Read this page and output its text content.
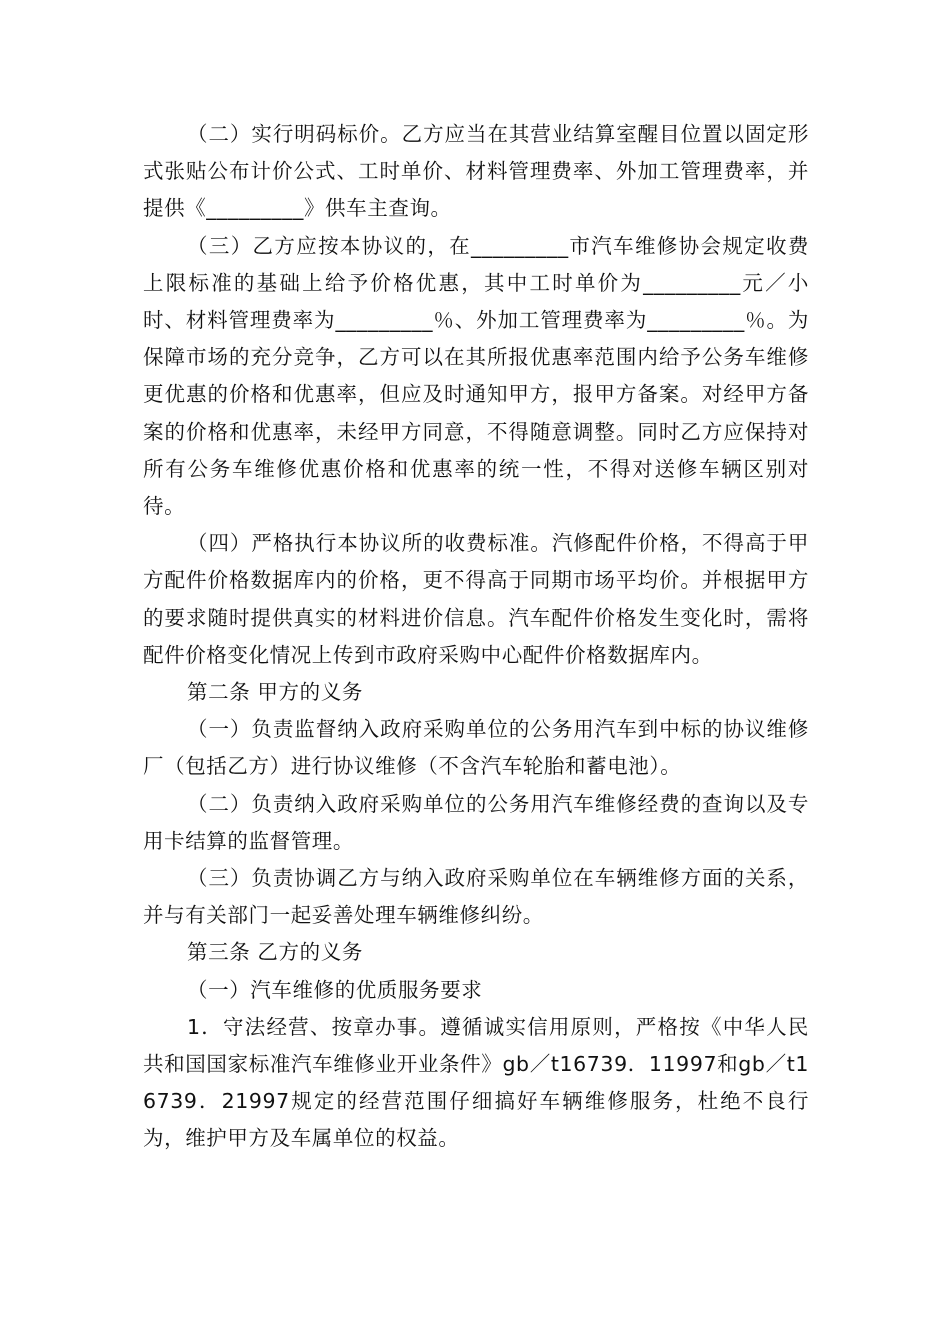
（二）实行明码标价。乙方应当在其营业结算室醒目位置以固定形式张贴公布计价公式、工时单价、材料管理费率、外加工管理费率，并提供《_________》供车主查询。

（三）乙方应按本协议的，在_________市汽车维修协会规定收费上限标准的基础上给予价格优惠，其中工时单价为_________元／小时、材料管理费率为_________％、外加工管理费率为_________％。为保障市场的充分竞争，乙方可以在其所报优惠率范围内给予公务车维修更优惠的价格和优惠率，但应及时通知甲方，报甲方备案。对经甲方备案的价格和优惠率，未经甲方同意，不得随意调整。同时乙方应保持对所有公务车维修优惠价格和优惠率的统一性，不得对送修车辆区别对待。

（四）严格执行本协议所的收费标准。汽修配件价格，不得高于甲方配件价格数据库内的价格，更不得高于同期市场平均价。并根据甲方的要求随时提供真实的材料进价信息。汽车配件价格发生变化时，需将配件价格变化情况上传到市政府采购中心配件价格数据库内。

第二条 甲方的义务

（一）负责监督纳入政府采购单位的公务用汽车到中标的协议维修厂（包括乙方）进行协议维修（不含汽车轮胎和蓄电池）。

（二）负责纳入政府采购单位的公务用汽车维修经费的查询以及专用卡结算的监督管理。

（三）负责协调乙方与纳入政府采购单位在车辆维修方面的关系，并与有关部门一起妥善处理车辆维修纠纷。

第三条 乙方的义务

（一）汽车维修的优质服务要求

1．守法经营、按章办事。遵循诚实信用原则，严格按《中华人民共和国国家标准汽车维修业开业条件》gb／t16739．11997和gb／t16739．21997规定的经营范围仔细搞好车辆维修服务，杜绝不良行为，维护甲方及车属单位的权益。
